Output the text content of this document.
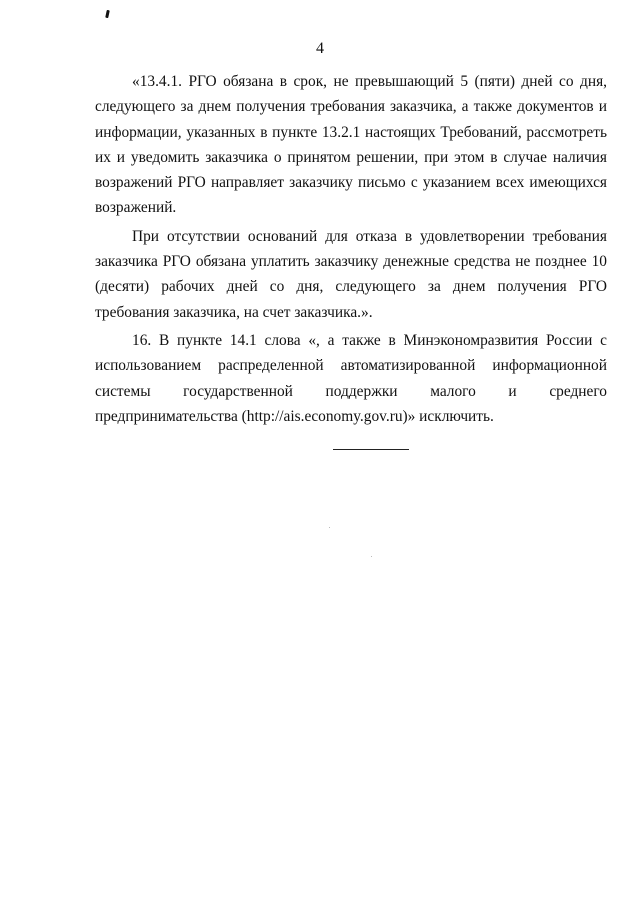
4

«13.4.1. РГО обязана в срок, не превышающий 5 (пяти) дней со дня, следующего за днем получения требования заказчика, а также документов и информации, указанных в пункте 13.2.1 настоящих Требований, рассмотреть их и уведомить заказчика о принятом решении, при этом в случае наличия возражений РГО направляет заказчику письмо с указанием всех имеющихся возражений.

При отсутствии оснований для отказа в удовлетворении требования заказчика РГО обязана уплатить заказчику денежные средства не позднее 10 (десяти) рабочих дней со дня, следующего за днем получения РГО требования заказчика, на счет заказчика.».

16. В пункте 14.1 слова «, а также в Минэкономразвития России с использованием распределенной автоматизированной информационной системы государственной поддержки малого и среднего предпринимательства (http://ais.economy.gov.ru)» исключить.
